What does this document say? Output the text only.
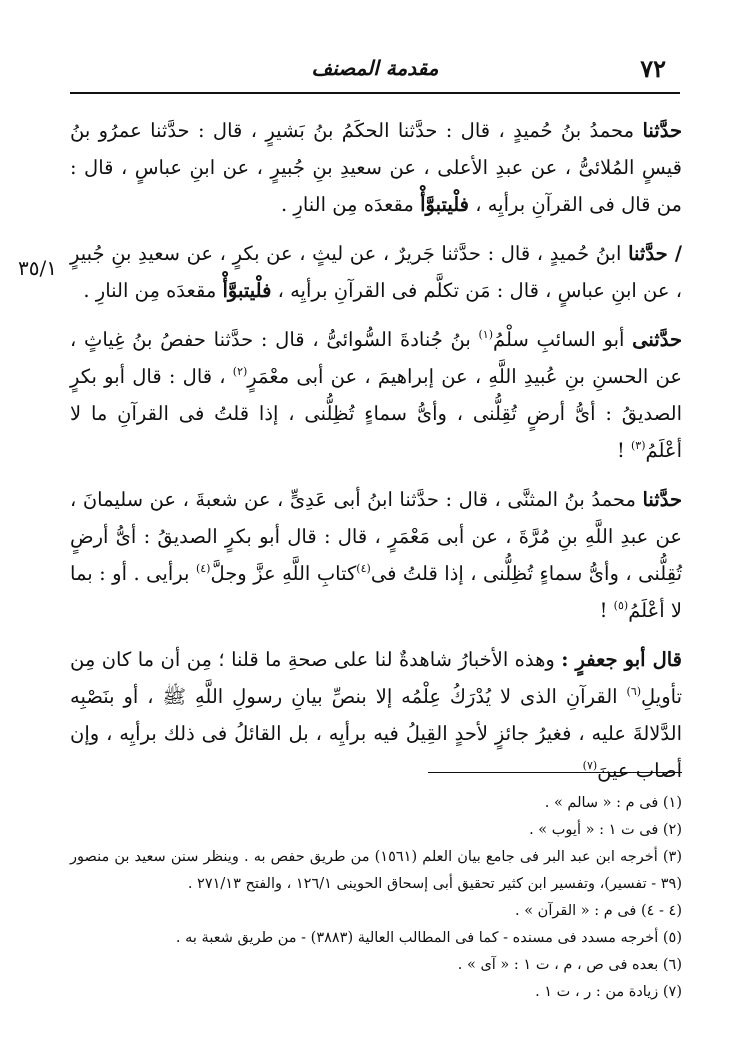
٧٢
مقدمة المصنف
٣٥/١

حدَّثنا محمدُ بنُ حُميدٍ ، قال : حدَّثنا الحكَمُ بنُ بَشيرٍ ، قال : حدَّثنا عمرُو بنُ قيسٍ المُلائىُّ ، عن عبدِ الأعلى ، عن سعيدِ بنِ جُبيرٍ ، عن ابنِ عباسٍ ، قال : من قال فى القرآنِ برأيِه ، فلْيتبوَّأْ مقعدَه مِن النارِ .

/ حدَّثنا ابنُ حُميدٍ ، قال : حدَّثنا جَريرٌ ، عن ليثٍ ، عن بكرٍ ، عن سعيدِ بنِ جُبيرٍ ، عن ابنِ عباسٍ ، قال : مَن تكلَّم فى القرآنِ برأيِه ، فلْيتبوَّأْ مقعدَه مِن النارِ .

حدَّثنى أبو السائبِ سلْمُ$^{(١)}$ بنُ جُنادةَ السُّوائىُّ ، قال : حدَّثنا حفصُ بنُ غِياثٍ ، عن الحسنِ بنِ عُبيدِ اللَّهِ ، عن إبراهيمَ ، عن أبى معْمَرٍ$^{(٢)}$ ، قال : قال أبو بكرٍ الصديقُ : أىُّ أرضٍ تُقِلُّنى ، وأىُّ سماءٍ تُظِلُّنى ، إذا قلتُ فى القرآنِ ما لا أعْلَمُ$^{(٣)}$ !

حدَّثنا محمدُ بنُ المثنَّى ، قال : حدَّثنا ابنُ أبى عَدِىٍّ ، عن شعبةَ ، عن سليمانَ ، عن عبدِ اللَّهِ بنِ مُرَّةَ ، عن أبى مَعْمَرٍ ، قال : قال أبو بكرٍ الصديقُ : أىُّ أرضٍ تُقِلُّنى ، وأىُّ سماءٍ تُظِلُّنى ، إذا قلتُ فى$^{(٤)}$كتابِ اللَّهِ عزَّ وجلَّ$^{(٤)}$ برأيى . أو : بما لا أعْلَمُ$^{(٥)}$ !

قال أبو جعفرٍ : وهذه الأخبارُ شاهدةٌ لنا على صحةِ ما قلنا ؛ مِن أن ما كان مِن تأويلِ$^{(٦)}$ القرآنِ الذى لا يُدْرَكُ عِلْمُه إلا بنصِّ بيانِ رسولِ اللَّهِ ﷺ ، أو بنَصْبِه الدَّلالةَ عليه ، فغيرُ جائزٍ لأحدٍ القِيلُ فيه برأيِه ، بل القائلُ فى ذلك برأيِه ، وإن أصاب عينَ$^{(٧)}$

(١) فى م : « سالم » .

(٢) فى ت ١ : « أيوب » .

(٣) أخرجه ابن عبد البر فى جامع بيان العلم (١٥٦١) من طريق حفص به . وينظر سنن سعيد بن منصور (٣٩ - تفسير)، وتفسير ابن كثير تحقيق أبى إسحاق الحوينى ١٢٦/١ ، والفتح ٢٧١/١٣ .

(٤ - ٤) فى م : « القرآن » .

(٥) أخرجه مسدد فى مسنده - كما فى المطالب العالية (٣٨٨٣) - من طريق شعبة به .

(٦) بعده فى ص ، م ، ت ١ : « آى » .

(٧) زيادة من : ر ، ت ١ .
